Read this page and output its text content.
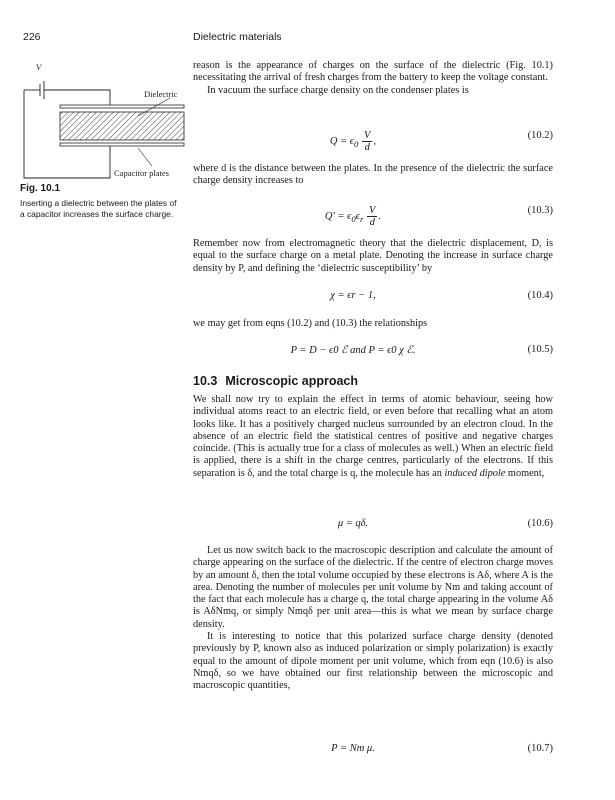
226	Dielectric materials
V
Dielectric
Capacitor plates
Fig. 10.1
Inserting a dielectric between the plates of a capacitor increases the surface charge.

reason is the appearance of charges on the surface of the dielectric (Fig. 10.1) necessitating the arrival of fresh charges from the battery to keep the voltage constant.

In vacuum the surface charge density on the condenser plates is

$Q = \epsilon_0 \frac{V}{d}$ ,
(10.2)

where d is the distance between the plates. In the presence of the dielectric the surface charge density increases to

$Q' = \epsilon_0\epsilon_r \frac{V}{d}$ .
(10.3)

Remember now from electromagnetic theory that the dielectric displacement, D, is equal to the surface charge on a metal plate. Denoting the increase in surface charge density by P, and defining the ‘dielectric susceptibility’ by

χ = ϵr − 1,	(10.4)

we may get from eqns (10.2) and (10.3) the relationships

P = D − ϵ0 ℰ and P = ϵ0 χ ℰ.	(10.5)
10.3 Microscopic approach

We shall now try to explain the effect in terms of atomic behaviour, seeing how individual atoms react to an electric field, or even before that recalling what an atom looks like. It has a positively charged nucleus surrounded by an electron cloud. In the absence of an electric field the statistical centres of positive and negative charges coincide. (This is actually true for a class of molecules as well.) When an electric field is applied, there is a shift in the charge centres, particularly of the electrons. If this separation is δ, and the total charge is q, the molecule has an induced dipole moment,

μ = qδ.	(10.6)

Let us now switch back to the macroscopic description and calculate the amount of charge appearing on the surface of the dielectric. If the centre of electron charge moves by an amount δ, then the total volume occupied by these electrons is Aδ, where A is the area. Denoting the number of molecules per unit volume by Nm and taking account of the fact that each molecule has a charge q, the total charge appearing in the volume Aδ is AδNmq, or simply Nmqδ per unit area—this is what we mean by surface charge density.

It is interesting to notice that this polarized surface charge density (denoted previously by P, known also as induced polarization or simply polarization) is exactly equal to the amount of dipole moment per unit volume, which from eqn (10.6) is also Nmqδ, so we have obtained our first relationship between the microscopic and macroscopic quantities,

P = Nm μ.	(10.7)
